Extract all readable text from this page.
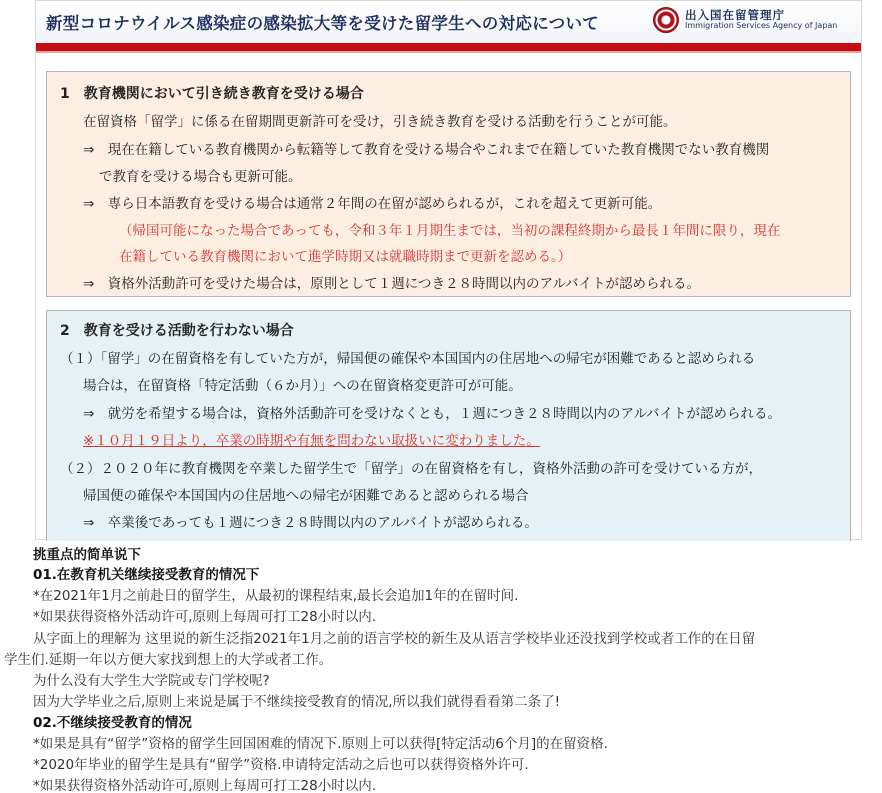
新型コロナウイルス感染症の感染拡大等を受けた留学生への対応について	出入国在留管理庁
Immigration Services Agency of Japan
1　教育機関において引き続き教育を受ける場合
在留資格「留学」に係る在留期間更新許可を受け，引き続き教育を受ける活動を行うことが可能。
⇒　現在在籍している教育機関から転籍等して教育を受ける場合やこれまで在籍していた教育機関でない教育機関
で教育を受ける場合も更新可能。
⇒　専ら日本語教育を受ける場合は通常２年間の在留が認められるが，これを超えて更新可能。
（帰国可能になった場合であっても，令和３年１月期生までは，当初の課程終期から最長１年間に限り，現在
在籍している教育機関において進学時期又は就職時期まで更新を認める。）
⇒　資格外活動許可を受けた場合は，原則として１週につき２８時間以内のアルバイトが認められる。
2　教育を受ける活動を行わない場合
（１）「留学」の在留資格を有していた方が，帰国便の確保や本国国内の住居地への帰宅が困難であると認められる
場合は，在留資格「特定活動（６か月）」への在留資格変更許可が可能。
⇒　就労を希望する場合は，資格外活動許可を受けなくとも，１週につき２８時間以内のアルバイトが認められる。
※１０月１９日より，卒業の時期や有無を問わない取扱いに変わりました。
（２）２０２０年に教育機関を卒業した留学生で「留学」の在留資格を有し，資格外活動の許可を受けている方が，
帰国便の確保や本国国内の住居地への帰宅が困難であると認められる場合
⇒　卒業後であっても１週につき２８時間以内のアルバイトが認められる。
挑重点的简单说下
01.在教育机关继续接受教育的情况下
*在2021年1月之前赴日的留学生，从最初的课程结束,最长会追加1年的在留时间.
*如果获得资格外活动许可,原则上每周可打工28小时以内.
从字面上的理解为 这里说的新生泛指2021年1月之前的语言学校的新生及从语言学校毕业还没找到学校或者工作的在日留
学生们.延期一年以方便大家找到想上的大学或者工作。
为什么没有大学生大学院或专门学校呢?
因为大学毕业之后,原则上来说是属于不继续接受教育的情况,所以我们就得看看第二条了!
02.不继续接受教育的情况
*如果是具有“留学”资格的留学生回国困难的情况下.原则上可以获得[特定活动6个月]的在留资格.
*2020年毕业的留学生是具有“留学”资格.申请特定活动之后也可以获得资格外许可.
*如果获得资格外活动许可,原则上每周可打工28小时以内.
